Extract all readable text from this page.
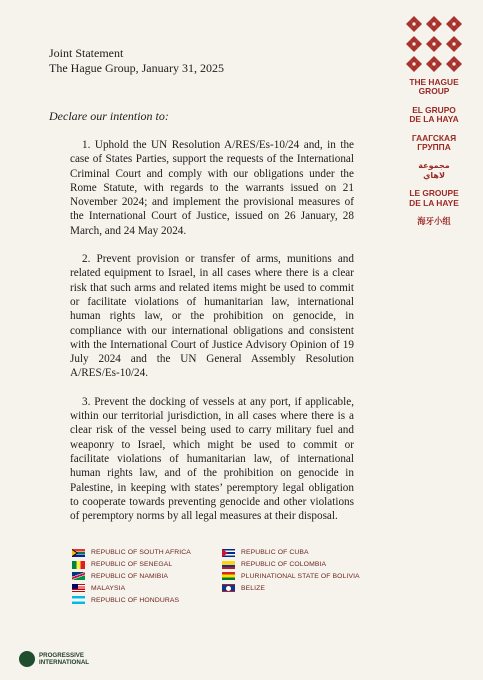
Joint Statement
The Hague Group, January 31, 2025
Declare our intention to:

1. Uphold the UN Resolution A/RES/Es-10/24 and, in the case of States Parties, support the requests of the International Criminal Court and comply with our obligations under the Rome Statute, with regards to the warrants issued on 21 November 2024; and implement the provisional measures of the International Court of Justice, issued on 26 January, 28 March, and 24 May 2024.

2. Prevent provision or transfer of arms, munitions and related equipment to Israel, in all cases where there is a clear risk that such arms and related items might be used to commit or facilitate violations of humanitarian law, international human rights law, or the prohibition on genocide, in compliance with our international obligations and consistent with the International Court of Justice Advisory Opinion of 19 July 2024 and the UN General Assembly Resolution A/RES/Es-10/24.

3. Prevent the docking of vessels at any port, if applicable, within our territorial jurisdiction, in all cases where there is a clear risk of the vessel being used to carry military fuel and weaponry to Israel, which might be used to commit or facilitate violations of humanitarian law, of international human rights law, and of the prohibition on genocide in Palestine, in keeping with states’ peremptory legal obligation to cooperate towards preventing genocide and other violations of peremptory norms by all legal measures at their disposal.

THE HAGUE GROUP
EL GRUPO DE LA HAYA
ГААГСКАЯ ГРУППА
مجموعة لاهاي
LE GROUPE DE LA HAYE
海牙小组
REPUBLIC OF SOUTH AFRICA
REPUBLIC OF SENEGAL
REPUBLIC OF NAMIBIA
MALAYSIA
REPUBLIC OF HONDURAS
REPUBLIC OF CUBA
REPUBLIC OF COLOMBIA
PLURINATIONAL STATE OF BOLIVIA
BELIZE
PROGRESSIVE
INTERNATIONAL
